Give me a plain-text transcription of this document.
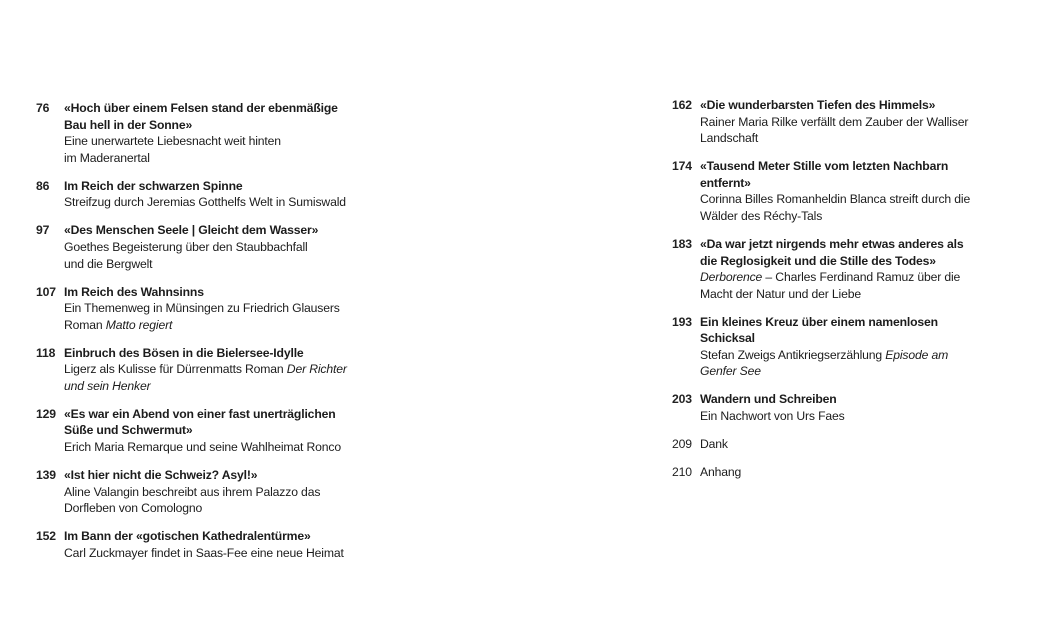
76	«Hoch über einem Felsen stand der ebenmäßige
Bau hell in der Sonne»

Eine unerwartete Liebesnacht weit hinten
im Maderanertal

86	Im Reich der schwarzen Spinne

Streifzug durch Jeremias Gotthelfs Welt in Sumiswald

97	«Des Menschen Seele | Gleicht dem Wasser»

Goethes Begeisterung über den Staubbachfall
und die Bergwelt

107 Im Reich des Wahnsinns

Ein Themenweg in Münsingen zu Friedrich Glausers
Roman Matto regiert

118 Einbruch des Bösen in die Bielersee-Idylle

Ligerz als Kulisse für Dürrenmatts Roman Der Richter
und sein Henker

129 «Es war ein Abend von einer fast unerträglichen
Süße und Schwermut»

Erich Maria Remarque und seine Wahlheimat Ronco

139 «Ist hier nicht die Schweiz? Asyl!»

Aline Valangin beschreibt aus ihrem Palazzo das
Dorfleben von Comologno

152 Im Bann der «gotischen Kathedralentürme»

Carl Zuckmayer findet in Saas-Fee eine neue Heimat

162 «Die wunderbarsten Tiefen des Himmels»

Rainer Maria Rilke verfällt dem Zauber der Walliser
Landschaft

174 «Tausend Meter Stille vom letzten Nachbarn
entfernt»

Corinna Billes Romanheldin Blanca streift durch die
Wälder des Réchy-Tals

183 «Da war jetzt nirgends mehr etwas anderes als
die Reglosigkeit und die Stille des Todes»

Derborence – Charles Ferdinand Ramuz über die
Macht der Natur und der Liebe

193 Ein kleines Kreuz über einem namenlosen
Schicksal

Stefan Zweigs Antikriegserzählung Episode am
Genfer See

203 Wandern und Schreiben

Ein Nachwort von Urs Faes

209 Dank

210 Anhang
